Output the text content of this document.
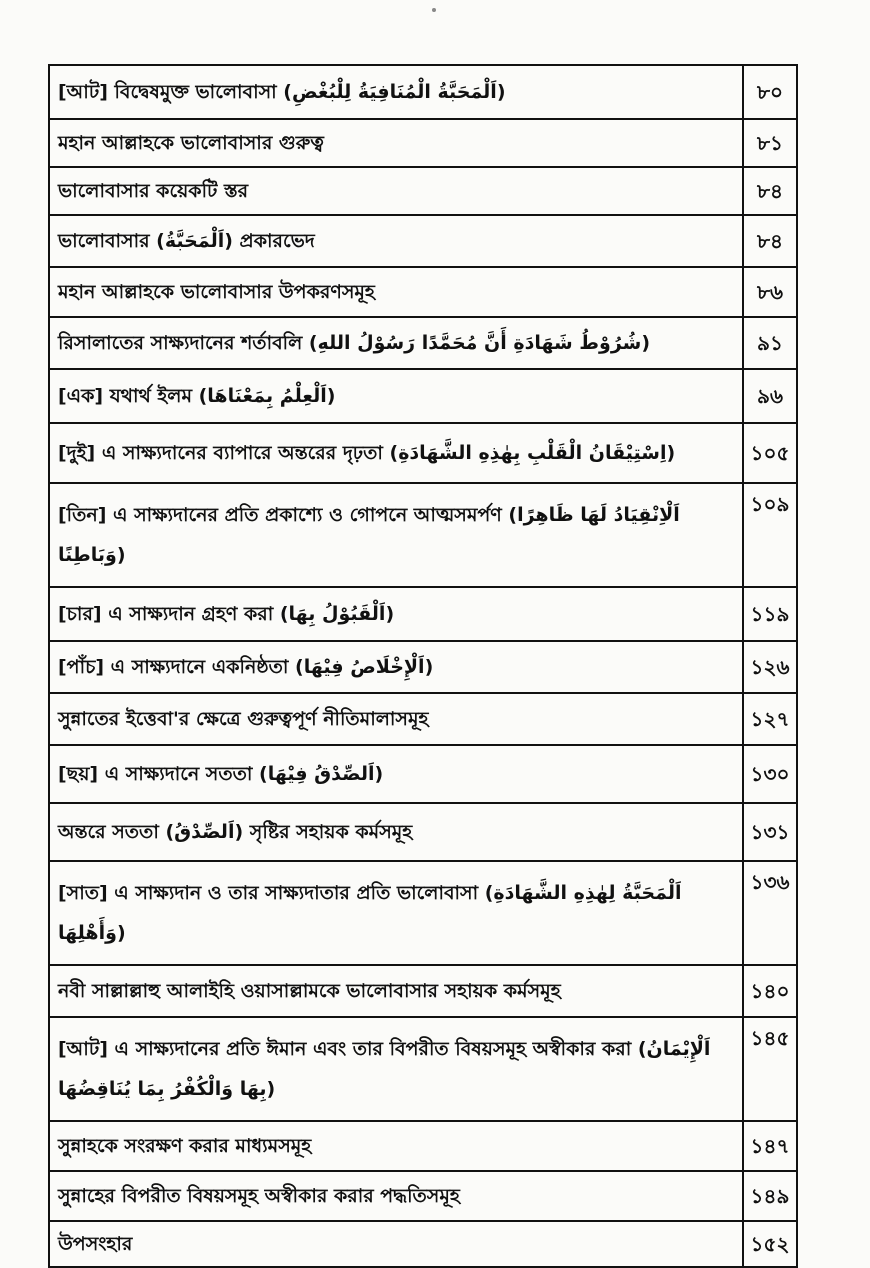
[আট] বিদ্বেষমুক্ত ভালোবাসা (اَلْمَحَبَّةُ الْمُنَافِيَةُ لِلْبُغْضِ)	৮০
মহান আল্লাহকে ভালোবাসার গুরুত্ব	৮১
ভালোবাসার কয়েকটি স্তর	৮৪
ভালোবাসার (اَلْمَحَبَّةُ) প্রকারভেদ	৮৪
মহান আল্লাহকে ভালোবাসার উপকরণসমূহ	৮৬
রিসালাতের সাক্ষ্যদানের শর্তাবলি (شُرُوْطُ شَهَادَةِ أَنَّ مُحَمَّدًا رَسُوْلُ اللهِ)	৯১
[এক] যথার্থ ইলম (اَلْعِلْمُ بِمَعْنَاهَا)	৯৬
[দুই] এ সাক্ষ্যদানের ব্যাপারে অন্তরের দৃঢ়তা (اِسْتِيْقَانُ الْقَلْبِ بِهٰذِهِ الشَّهَادَةِ)	১০৫
[তিন] এ সাক্ষ্যদানের প্রতি প্রকাশ্যে ও গোপনে আত্মসমর্পণ (اَلْاِنْقِيَادُ لَهَا ظَاهِرًا وَبَاطِنًا)	১০৯
[চার] এ সাক্ষ্যদান গ্রহণ করা (اَلْقَبُوْلُ بِهَا)	১১৯
[পাঁচ] এ সাক্ষ্যদানে একনিষ্ঠতা (اَلْإِخْلَاصُ فِيْهَا)	১২৬
সুন্নাতের ইত্তেবা'র ক্ষেত্রে গুরুত্বপূর্ণ নীতিমালাসমূহ	১২৭
[ছয়] এ সাক্ষ্যদানে সততা (اَلصِّدْقُ فِيْهَا)	১৩০
অন্তরে সততা (اَلصِّدْقُ) সৃষ্টির সহায়ক কর্মসমূহ	১৩১
[সাত] এ সাক্ষ্যদান ও তার সাক্ষ্যদাতার প্রতি ভালোবাসা (اَلْمَحَبَّةُ لِهٰذِهِ الشَّهَادَةِ وَأَهْلِهَا)	১৩৬
নবী সাল্লাল্লাহু আলাইহি ওয়াসাল্লামকে ভালোবাসার সহায়ক কর্মসমূহ	১৪০
[আট] এ সাক্ষ্যদানের প্রতি ঈমান এবং তার বিপরীত বিষয়সমূহ অস্বীকার করা (اَلْإِيْمَانُ بِهَا وَالْكُفْرُ بِمَا يُنَاقِضُهَا)	১৪৫
সুন্নাহকে সংরক্ষণ করার মাধ্যমসমূহ	১৪৭
সুন্নাহের বিপরীত বিষয়সমূহ অস্বীকার করার পদ্ধতিসমূহ	১৪৯
উপসংহার	১৫২
